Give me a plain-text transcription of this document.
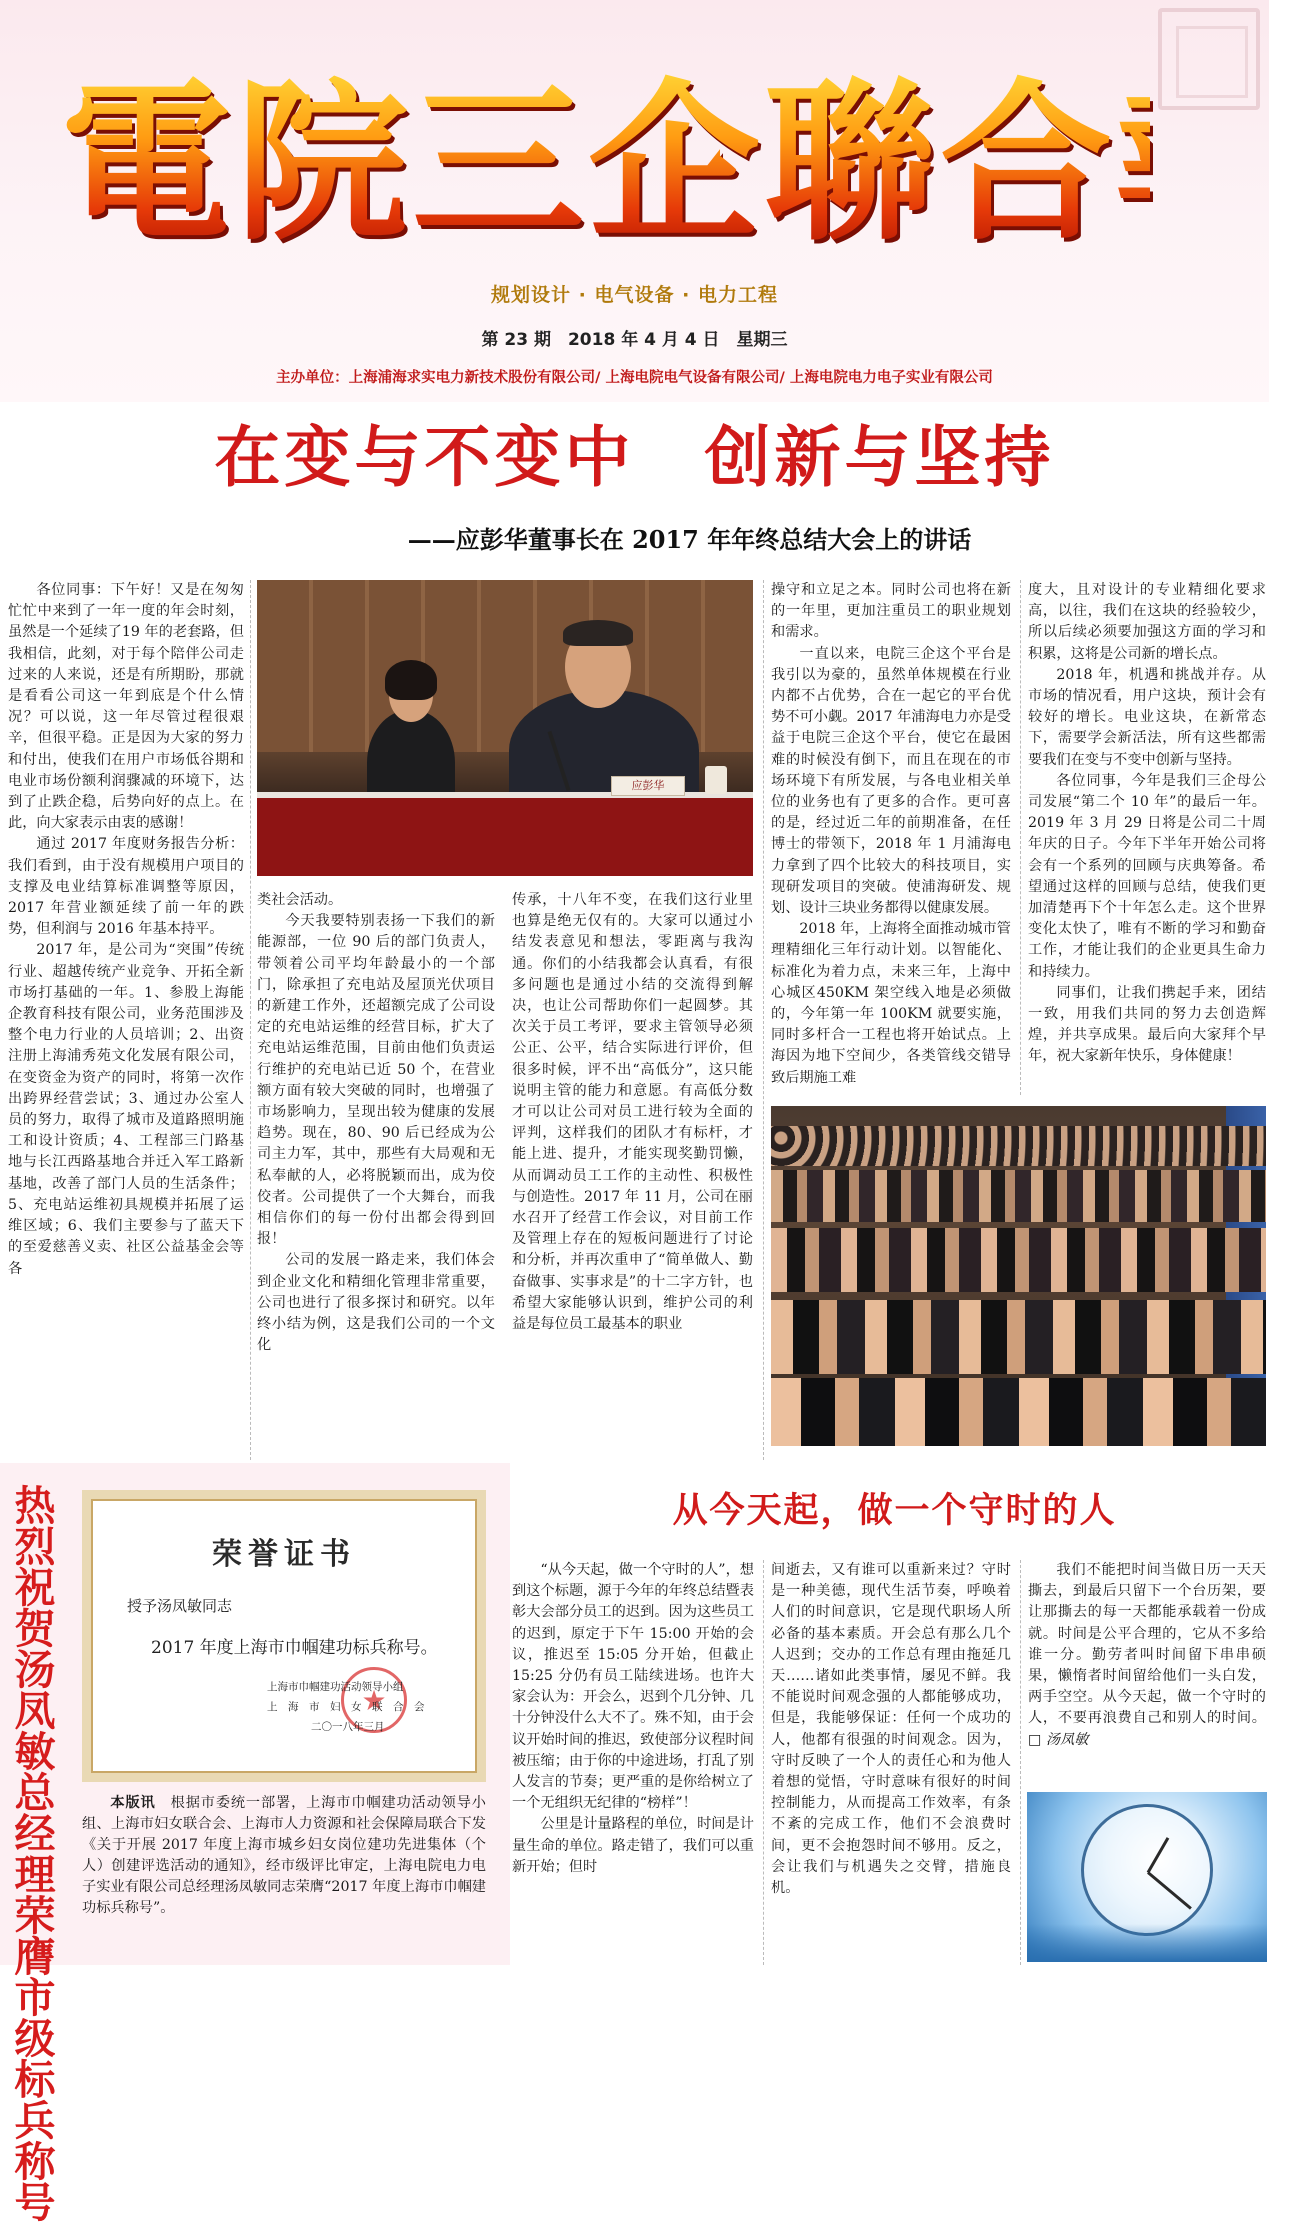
電院三企聯合報
规划设计 · 电气设备 · 电力工程
第 23 期　2018 年 4 月 4 日　星期三
主办单位：上海浦海求实电力新技术股份有限公司/ 上海电院电气设备有限公司/ 上海电院电力电子实业有限公司
在变与不变中　创新与坚持
——应彭华董事长在 2017 年年终总结大会上的讲话

各位同事：下午好！又是在匆匆忙忙中来到了一年一度的年会时刻，虽然是一个延续了19 年的老套路，但我相信，此刻，对于每个陪伴公司走过来的人来说，还是有所期盼，那就是看看公司这一年到底是个什么情况？可以说，这一年尽管过程很艰辛，但很平稳。正是因为大家的努力和付出，使我们在用户市场低谷期和电业市场份额利润骤减的环境下，达到了止跌企稳，后势向好的点上。在此，向大家表示由衷的感谢！

通过 2017 年度财务报告分析：我们看到，由于没有规模用户项目的支撑及电业结算标准调整等原因，2017 年营业额延续了前一年的跌势，但利润与 2016 年基本持平。

2017 年，是公司为“突围”传统行业、超越传统产业竞争、开拓全新市场打基础的一年。1、参股上海能企教育科技有限公司，业务范围涉及整个电力行业的人员培训；2、出资注册上海浦秀苑文化发展有限公司，在变资金为资产的同时，将第一次作出跨界经营尝试；3、通过办公室人员的努力，取得了城市及道路照明施工和设计资质；4、工程部三门路基地与长江西路基地合并迁入军工路新基地，改善了部门人员的生活条件；5、充电站运维初具规模并拓展了运维区域；6、我们主要参与了蓝天下的至爱慈善义卖、社区公益基金会等各

应彭华

类社会活动。

今天我要特别表扬一下我们的新能源部，一位 90 后的部门负责人，带领着公司平均年龄最小的一个部门，除承担了充电站及屋顶光伏项目的新建工作外，还超额完成了公司设定的充电站运维的经营目标，扩大了充电站运维范围，目前由他们负责运行维护的充电站已近 50 个，在营业额方面有较大突破的同时，也增强了市场影响力，呈现出较为健康的发展趋势。现在，80、90 后已经成为公司主力军，其中，那些有大局观和无私奉献的人，必将脱颖而出，成为佼佼者。公司提供了一个大舞台，而我相信你们的每一份付出都会得到回报！

公司的发展一路走来，我们体会到企业文化和精细化管理非常重要，公司也进行了很多探讨和研究。以年终小结为例，这是我们公司的一个文化

传承，十八年不变，在我们这行业里也算是绝无仅有的。大家可以通过小结发表意见和想法，零距离与我沟通。你们的小结我都会认真看，有很多问题也是通过小结的交流得到解决，也让公司帮助你们一起圆梦。其次关于员工考评，要求主管领导必须公正、公平，结合实际进行评价，但很多时候，评不出“高低分”，这只能说明主管的能力和意愿。有高低分数才可以让公司对员工进行较为全面的评判，这样我们的团队才有标杆，才能上进、提升，才能实现奖勤罚懒，从而调动员工工作的主动性、积极性与创造性。2017 年 11 月，公司在丽水召开了经营工作会议，对目前工作及管理上存在的短板问题进行了讨论和分析，并再次重申了“简单做人、勤奋做事、实事求是”的十二字方针，也希望大家能够认识到，维护公司的利益是每位员工最基本的职业

操守和立足之本。同时公司也将在新的一年里，更加注重员工的职业规划和需求。

一直以来，电院三企这个平台是我引以为豪的，虽然单体规模在行业内都不占优势，合在一起它的平台优势不可小觑。2017 年浦海电力亦是受益于电院三企这个平台，使它在最困难的时候没有倒下，而且在现在的市场环境下有所发展，与各电业相关单位的业务也有了更多的合作。更可喜的是，经过近二年的前期准备，在任博士的带领下，2018 年 1 月浦海电力拿到了四个比较大的科技项目，实现研发项目的突破。使浦海研发、规划、设计三块业务都得以健康发展。

2018 年，上海将全面推动城市管理精细化三年行动计划。以智能化、标准化为着力点，未来三年，上海中心城区450KM 架空线入地是必须做的，今年第一年 100KM 就要实施，同时多杆合一工程也将开始试点。上海因为地下空间少，各类管线交错导致后期施工难

度大，且对设计的专业精细化要求高，以往，我们在这块的经验较少，所以后续必须要加强这方面的学习和积累，这将是公司新的增长点。

2018 年，机遇和挑战并存。从市场的情况看，用户这块，预计会有较好的增长。电业这块，在新常态下，需要学会新活法，所有这些都需要我们在变与不变中创新与坚持。

各位同事，今年是我们三企母公司发展“第二个 10 年”的最后一年。2019 年 3 月 29 日将是公司二十周年庆的日子。今年下半年开始公司将会有一个系列的回顾与庆典筹备。希望通过这样的回顾与总结，使我们更加清楚再下个十年怎么走。这个世界变化太快了，唯有不断的学习和勤奋工作，才能让我们的企业更具生命力和持续力。

同事们，让我们携起手来，团结一致，用我们共同的努力去创造辉煌，并共享成果。最后向大家拜个早年，祝大家新年快乐，身体健康！

热烈祝贺汤凤敏总经理荣膺市级标兵称号
荣誉证书
授予汤凤敏同志
2017 年度上海市巾帼建功标兵称号。
★
上海市巾帼建功活动领导小组
上　海　市　妇　女　联　合　会
二〇一八年三月

本版讯　 根据市委统一部署，上海市巾帼建功活动领导小组、上海市妇女联合会、上海市人力资源和社会保障局联合下发《关于开展 2017 年度上海市城乡妇女岗位建功先进集体（个人）创建评选活动的通知》，经市级评比审定，上海电院电力电子实业有限公司总经理汤凤敏同志荣膺“2017 年度上海市巾帼建功标兵称号”。

从今天起，做一个守时的人

“从今天起，做一个守时的人”，想到这个标题，源于今年的年终总结暨表彰大会部分员工的迟到。因为这些员工的迟到，原定于下午 15:00 开始的会议，推迟至 15:05 分开始，但截止 15:25 分仍有员工陆续进场。也许大家会认为：开会么，迟到个几分钟、几十分钟没什么大不了。殊不知，由于会议开始时间的推迟，致使部分议程时间被压缩；由于你的中途进场，打乱了别人发言的节奏；更严重的是你给树立了一个无组织无纪律的“榜样”！

公里是计量路程的单位，时间是计量生命的单位。路走错了，我们可以重新开始；但时

间逝去，又有谁可以重新来过？守时是一种美德，现代生活节奏，呼唤着人们的时间意识，它是现代职场人所必备的基本素质。开会总有那么几个人迟到；交办的工作总有理由拖延几天……诸如此类事情，屡见不鲜。我不能说时间观念强的人都能够成功，但是，我能够保证：任何一个成功的人，他都有很强的时间观念。因为，守时反映了一个人的责任心和为他人着想的觉悟，守时意味有很好的时间控制能力，从而提高工作效率，有条不紊的完成工作，他们不会浪费时间，更不会抱怨时间不够用。反之，会让我们与机遇失之交臂，措施良机。

我们不能把时间当做日历一天天撕去，到最后只留下一个台历架，要让那撕去的每一天都能承载着一份成就。时间是公平合理的，它从不多给谁一分。勤劳者叫时间留下串串硕果，懒惰者时间留给他们一头白发，两手空空。从今天起，做一个守时的人，不要再浪费自己和别人的时间。□ 汤凤敏
